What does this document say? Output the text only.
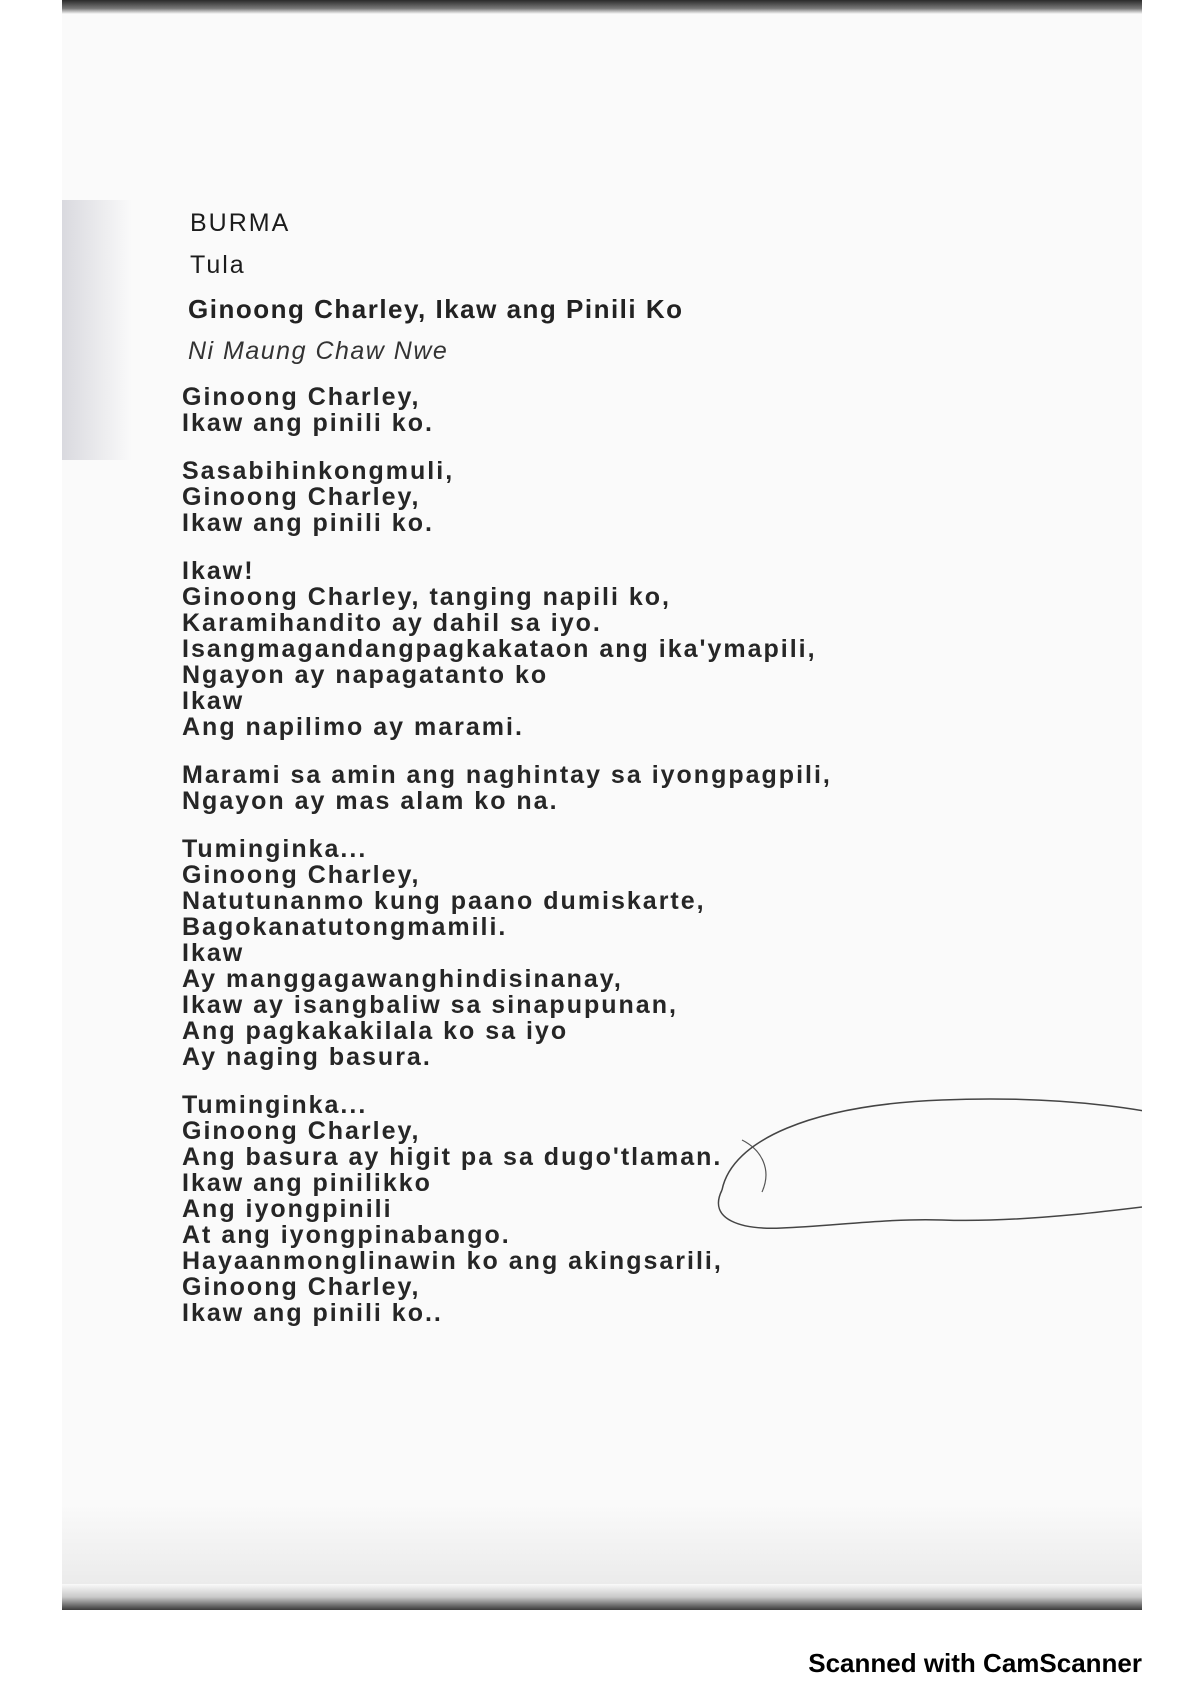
BURMA
Tula
Ginoong Charley, Ikaw ang Pinili Ko
Ni Maung Chaw Nwe
Ginoong Charley,
Ikaw ang pinili ko.
Sasabihinkongmuli,
Ginoong Charley,
Ikaw ang pinili ko.
Ikaw!
Ginoong Charley, tanging napili ko,
Karamihandito ay dahil sa iyo.
Isangmagandangpagkakataon ang ika'ymapili,
Ngayon ay napagatanto ko
Ikaw
Ang napilimo ay marami.
Marami sa amin ang naghintay sa iyongpagpili,
Ngayon ay mas alam ko na.
Tuminginka...
Ginoong Charley,
Natutunanmo kung paano dumiskarte,
Bagokanatutongmamili.
Ikaw
Ay manggagawanghindisinanay,
Ikaw ay isangbaliw sa sinapupunan,
Ang pagkakakilala ko sa iyo
Ay naging basura.
Tuminginka...
Ginoong Charley,
Ang basura ay higit pa sa dugo'tlaman.
Ikaw ang pinilikko
Ang iyongpinili
At ang iyongpinabango.
Hayaanmonglinawin ko ang akingsarili,
Ginoong Charley,
Ikaw ang pinili ko..
Scanned with CamScanner
